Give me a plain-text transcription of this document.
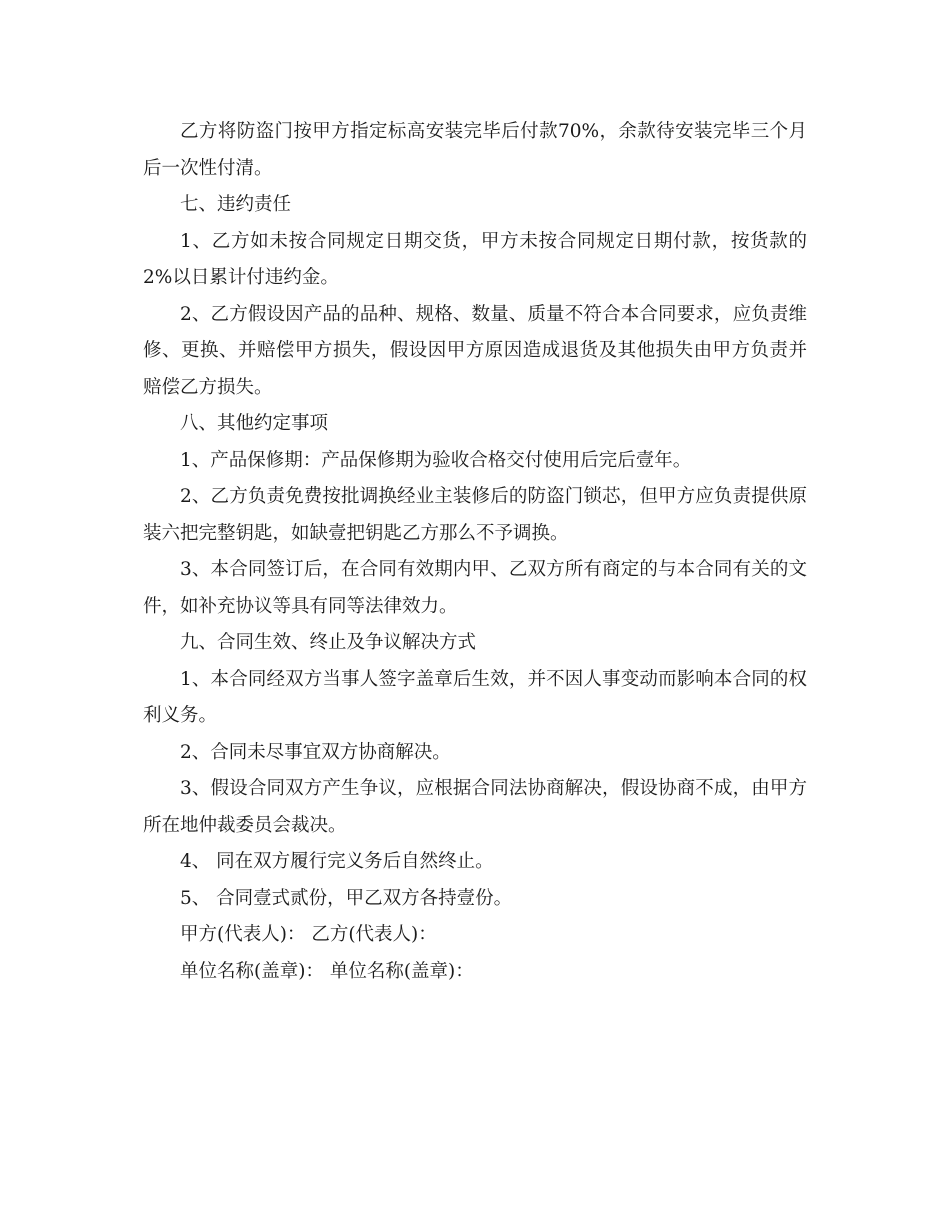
乙方将防盗门按甲方指定标高安装完毕后付款70%，余款待安装完毕三个月后一次性付清。

七、违约责任

1、乙方如未按合同规定日期交货，甲方未按合同规定日期付款，按货款的2%以日累计付违约金。

2、乙方假设因产品的品种、规格、数量、质量不符合本合同要求，应负责维修、更换、并赔偿甲方损失，假设因甲方原因造成退货及其他损失由甲方负责并赔偿乙方损失。

八、其他约定事项

1、产品保修期：产品保修期为验收合格交付使用后完后壹年。

2、乙方负责免费按批调换经业主装修后的防盗门锁芯，但甲方应负责提供原装六把完整钥匙，如缺壹把钥匙乙方那么不予调换。

3、本合同签订后，在合同有效期内甲、乙双方所有商定的与本合同有关的文件，如补充协议等具有同等法律效力。

九、合同生效、终止及争议解决方式

1、本合同经双方当事人签字盖章后生效，并不因人事变动而影响本合同的权利义务。

2、合同未尽事宜双方协商解决。

3、假设合同双方产生争议，应根据合同法协商解决，假设协商不成，由甲方所在地仲裁委员会裁决。

4、 同在双方履行完义务后自然终止。

5、 合同壹式贰份，甲乙双方各持壹份。

甲方(代表人)： 乙方(代表人)：

单位名称(盖章)： 单位名称(盖章)：
